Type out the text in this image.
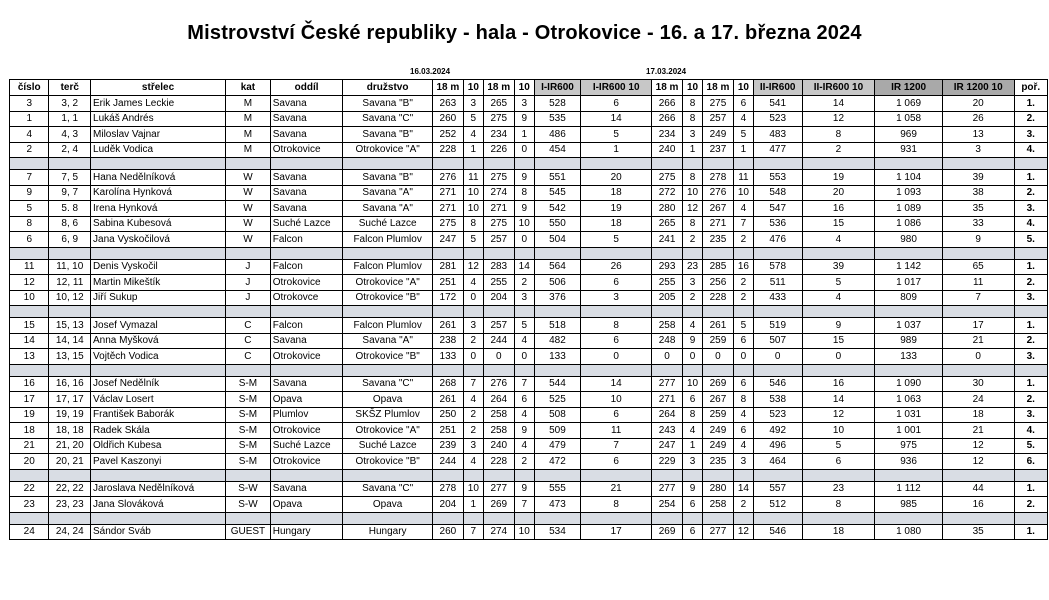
Mistrovství České republiky - hala - Otrokovice - 16. a 17. března 2024
16.03.2024	17.03.2024
číslo	terč	střelec	kat	oddíl	družstvo	18 m	10	18 m	10	I-IR600	I-IR600 10	18 m	10	18 m	10	II-IR600	II-IR600 10	IR 1200	IR 1200 10	poř.
3	3, 2	Erik James Leckie	M	Savana	Savana "B"	263	3	265	3	528	6	266	8	275	6	541	14	1 069	20	1.
1	1, 1	Lukáš Andrés	M	Savana	Savana "C"	260	5	275	9	535	14	266	8	257	4	523	12	1 058	26	2.
4	4, 3	Miloslav Vajnar	M	Savana	Savana "B"	252	4	234	1	486	5	234	3	249	5	483	8	969	13	3.
2	2, 4	Luděk Vodica	M	Otrokovice	Otrokovice "A"	228	1	226	0	454	1	240	1	237	1	477	2	931	3	4.

7	7, 5	Hana Nedělníková	W	Savana	Savana "B"	276	11	275	9	551	20	275	8	278	11	553	19	1 104	39	1.
9	9, 7	Karolína Hynková	W	Savana	Savana "A"	271	10	274	8	545	18	272	10	276	10	548	20	1 093	38	2.
5	5. 8	Irena Hynková	W	Savana	Savana "A"	271	10	271	9	542	19	280	12	267	4	547	16	1 089	35	3.
8	8, 6	Sabina Kubesová	W	Suché Lazce	Suché Lazce	275	8	275	10	550	18	265	8	271	7	536	15	1 086	33	4.
6	6, 9	Jana Vyskočilová	W	Falcon	Falcon Plumlov	247	5	257	0	504	5	241	2	235	2	476	4	980	9	5.

11	11, 10	Denis Vyskočil	J	Falcon	Falcon Plumlov	281	12	283	14	564	26	293	23	285	16	578	39	1 142	65	1.
12	12, 11	Martin Mikeštík	J	Otrokovice	Otrokovice "A"	251	4	255	2	506	6	255	3	256	2	511	5	1 017	11	2.
10	10, 12	Jiří Sukup	J	Otrokovce	Otrokovice "B"	172	0	204	3	376	3	205	2	228	2	433	4	809	7	3.

15	15, 13	Josef Vymazal	C	Falcon	Falcon Plumlov	261	3	257	5	518	8	258	4	261	5	519	9	1 037	17	1.
14	14, 14	Anna Myšková	C	Savana	Savana "A"	238	2	244	4	482	6	248	9	259	6	507	15	989	21	2.
13	13, 15	Vojtěch Vodica	C	Otrokovice	Otrokovice "B"	133	0	0	0	133	0	0	0	0	0	0	0	133	0	3.

16	16, 16	Josef Nedělník	S-M	Savana	Savana "C"	268	7	276	7	544	14	277	10	269	6	546	16	1 090	30	1.
17	17, 17	Václav Losert	S-M	Opava	Opava	261	4	264	6	525	10	271	6	267	8	538	14	1 063	24	2.
19	19, 19	František Baborák	S-M	Plumlov	SKŠZ Plumlov	250	2	258	4	508	6	264	8	259	4	523	12	1 031	18	3.
18	18, 18	Radek Skála	S-M	Otrokovice	Otrokovice "A"	251	2	258	9	509	11	243	4	249	6	492	10	1 001	21	4.
21	21, 20	Oldřich Kubesa	S-M	Suché Lazce	Suché Lazce	239	3	240	4	479	7	247	1	249	4	496	5	975	12	5.
20	20, 21	Pavel Kaszonyi	S-M	Otrokovice	Otrokovice "B"	244	4	228	2	472	6	229	3	235	3	464	6	936	12	6.

22	22, 22	Jaroslava Nedělníková	S-W	Savana	Savana "C"	278	10	277	9	555	21	277	9	280	14	557	23	1 112	44	1.
23	23, 23	Jana Slováková	S-W	Opava	Opava	204	1	269	7	473	8	254	6	258	2	512	8	985	16	2.

24	24, 24	Sándor Sváb	GUEST	Hungary	Hungary	260	7	274	10	534	17	269	6	277	12	546	18	1 080	35	1.
